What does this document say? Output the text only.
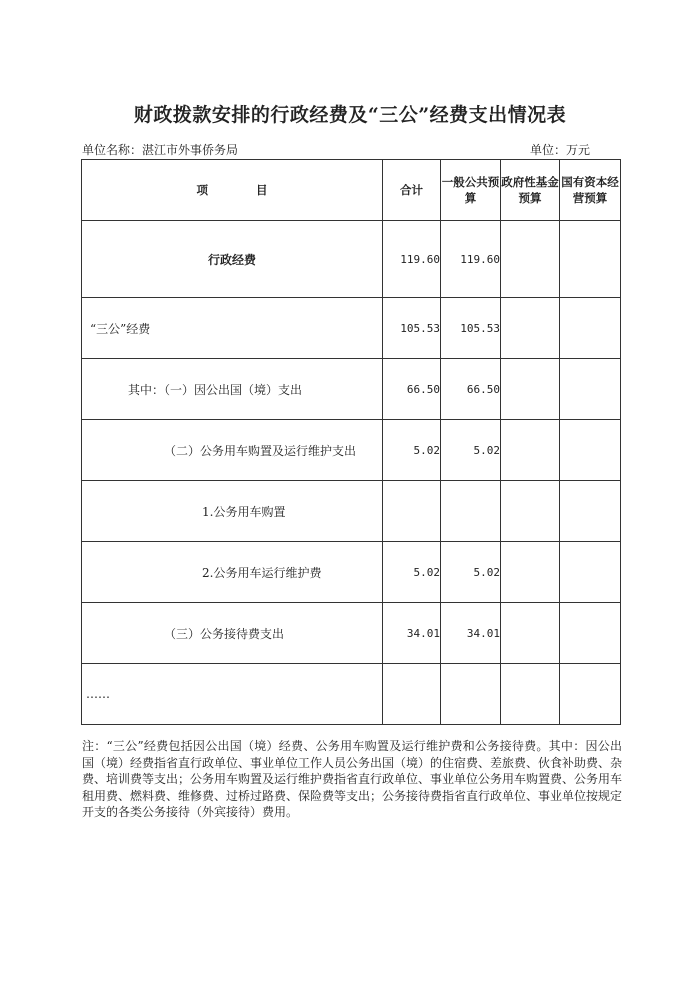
财政拨款安排的行政经费及“三公”经费支出情况表
单位名称：湛江市外事侨务局	单位：万元
项 目	合计	一般公共预算	政府性基金预算	国有资本经营预算
行政经费	119.60	119.60		
“三公”经费	105.53	105.53		
其中：（一）因公出国（境）支出	66.50	66.50		
（二）公务用车购置及运行维护支出	5.02	5.02		
1.公务用车购置				
2.公务用车运行维护费	5.02	5.02		
（三）公务接待费支出	34.01	34.01		
……				
注：“三公”经费包括因公出国（境）经费、公务用车购置及运行维护费和公务接待费。其中：因公出国（境）经费指省直行政单位、事业单位工作人员公务出国（境）的住宿费、差旅费、伙食补助费、杂费、培训费等支出；公务用车购置及运行维护费指省直行政单位、事业单位公务用车购置费、公务用车租用费、燃料费、维修费、过桥过路费、保险费等支出；公务接待费指省直行政单位、事业单位按规定开支的各类公务接待（外宾接待）费用。
